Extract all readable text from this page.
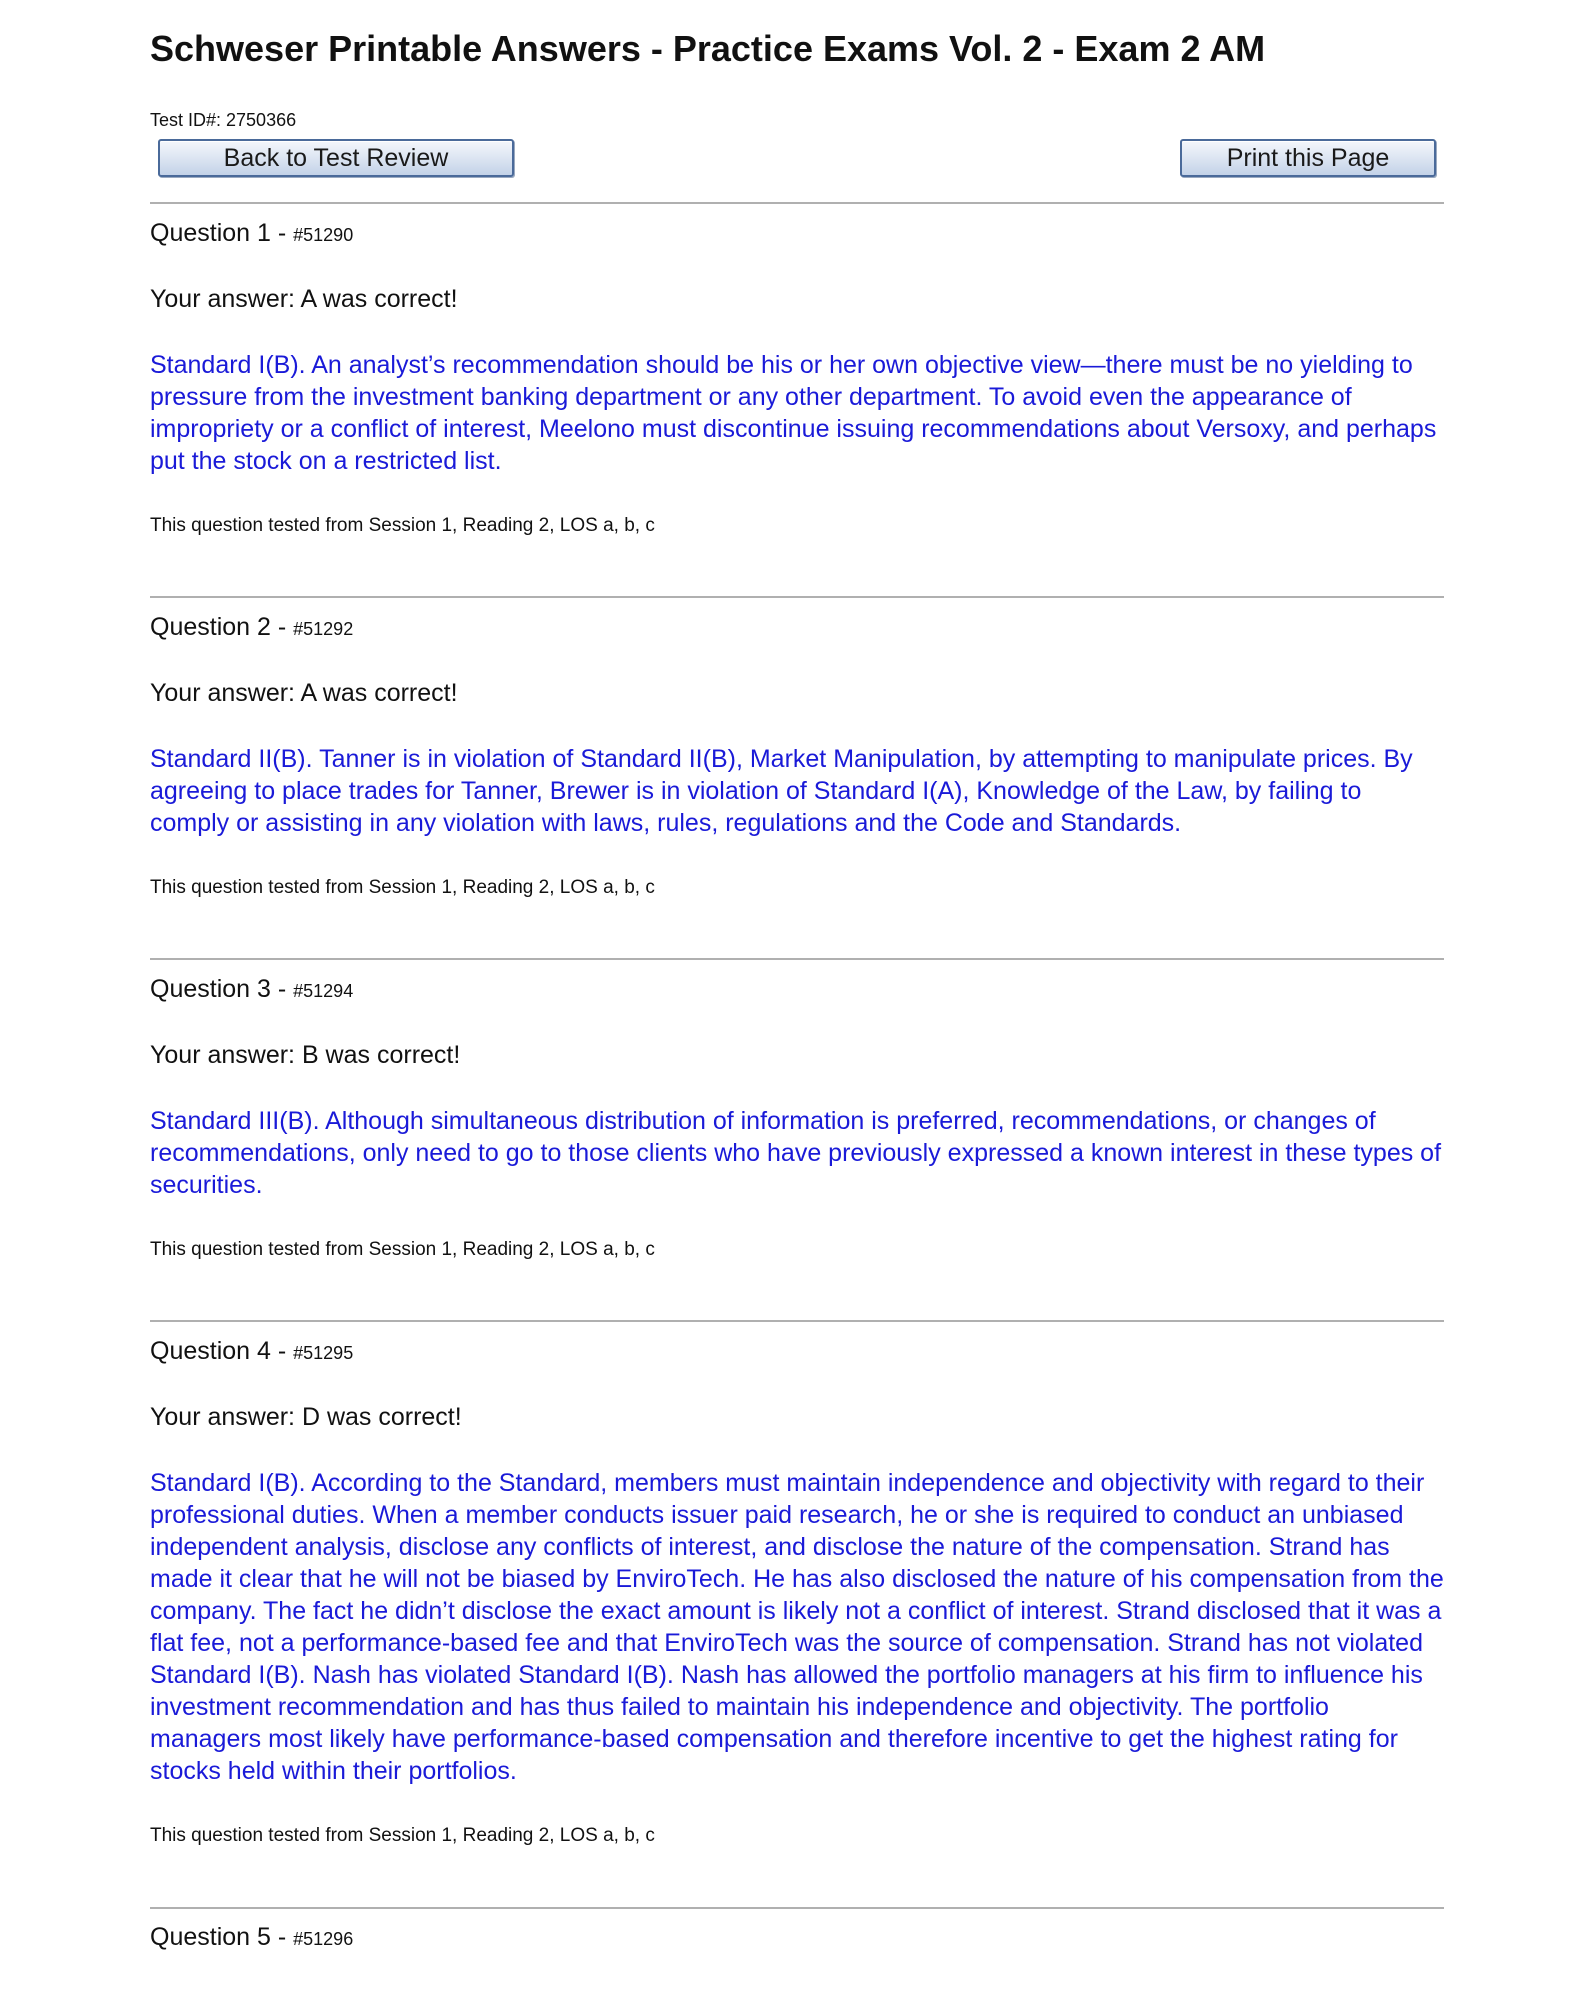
Schweser Printable Answers - Practice Exams Vol. 2 - Exam 2 AM
Test ID#: 2750366
Back to Test Review	Print this Page
Question 1 - #51290
Your answer: A was correct!
Standard I(B). An analyst’s recommendation should be his or her own objective view—there must be no yielding to pressure from the investment banking department or any other department. To avoid even the appearance of impropriety or a conflict of interest, Meelono must discontinue issuing recommendations about Versoxy, and perhaps put the stock on a restricted list.
This question tested from Session 1, Reading 2, LOS a, b, c
Question 2 - #51292
Your answer: A was correct!
Standard II(B). Tanner is in violation of Standard II(B), Market Manipulation, by attempting to manipulate prices. By agreeing to place trades for Tanner, Brewer is in violation of Standard I(A), Knowledge of the Law, by failing to comply or assisting in any violation with laws, rules, regulations and the Code and Standards.
This question tested from Session 1, Reading 2, LOS a, b, c
Question 3 - #51294
Your answer: B was correct!
Standard III(B). Although simultaneous distribution of information is preferred, recommendations, or changes of recommendations, only need to go to those clients who have previously expressed a known interest in these types of securities.
This question tested from Session 1, Reading 2, LOS a, b, c
Question 4 - #51295
Your answer: D was correct!
Standard I(B). According to the Standard, members must maintain independence and objectivity with regard to their professional duties. When a member conducts issuer paid research, he or she is required to conduct an unbiased independent analysis, disclose any conflicts of interest, and disclose the nature of the compensation. Strand has made it clear that he will not be biased by EnviroTech. He has also disclosed the nature of his compensation from the company. The fact he didn’t disclose the exact amount is likely not a conflict of interest. Strand disclosed that it was a flat fee, not a performance-based fee and that EnviroTech was the source of compensation. Strand has not violated Standard I(B). Nash has violated Standard I(B). Nash has allowed the portfolio managers at his firm to influence his investment recommendation and has thus failed to maintain his independence and objectivity. The portfolio managers most likely have performance-based compensation and therefore incentive to get the highest rating for stocks held within their portfolios.
This question tested from Session 1, Reading 2, LOS a, b, c
Question 5 - #51296
